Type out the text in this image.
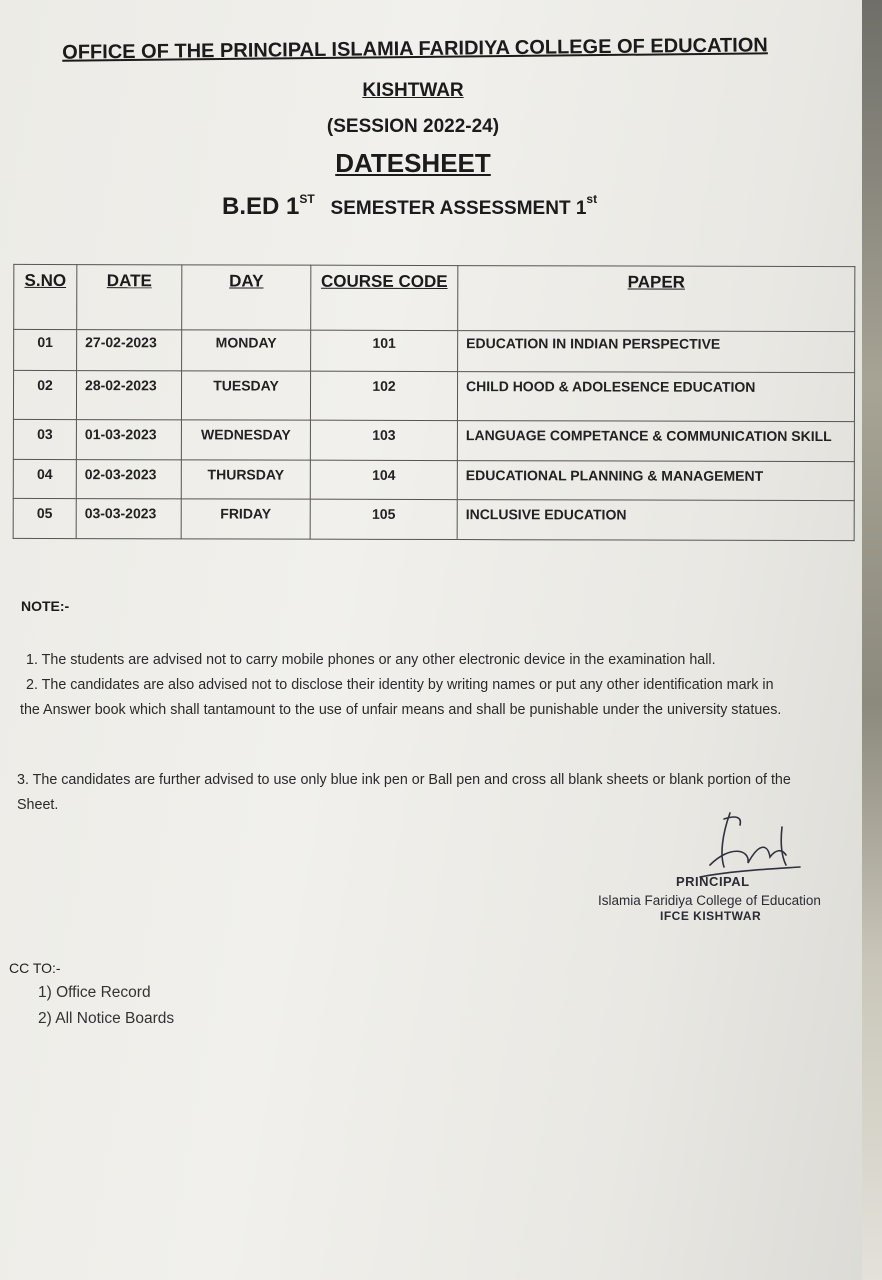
OFFICE OF THE PRINCIPAL ISLAMIA FARIDIYA COLLEGE OF EDUCATION
KISHTWAR
(SESSION 2022-24)
DATESHEET
B.ED 1ST SEMESTER ASSESSMENT 1st
S.NO	DATE	DAY	COURSE CODE	PAPER
01	27-02-2023	MONDAY	101	EDUCATION IN INDIAN PERSPECTIVE
02	28-02-2023	TUESDAY	102	CHILD HOOD & ADOLESENCE EDUCATION
03	01-03-2023	WEDNESDAY	103	LANGUAGE COMPETANCE & COMMUNICATION SKILL
04	02-03-2023	THURSDAY	104	EDUCATIONAL PLANNING & MANAGEMENT
05	03-03-2023	FRIDAY	105	INCLUSIVE EDUCATION
NOTE:-
1. The students are advised not to carry mobile phones or any other electronic device in the examination hall.
2. The candidates are also advised not to disclose their identity by writing names or put any other identification mark in the Answer book which shall tantamount to the use of unfair means and shall be punishable under the university statues.
3. The candidates are further advised to use only blue ink pen or Ball pen and cross all blank sheets or blank portion of the Sheet.
PRINCIPAL
Islamia Faridiya College of Education
IFCE KISHTWAR
CC TO:-
1) Office Record
2) All Notice Boards
